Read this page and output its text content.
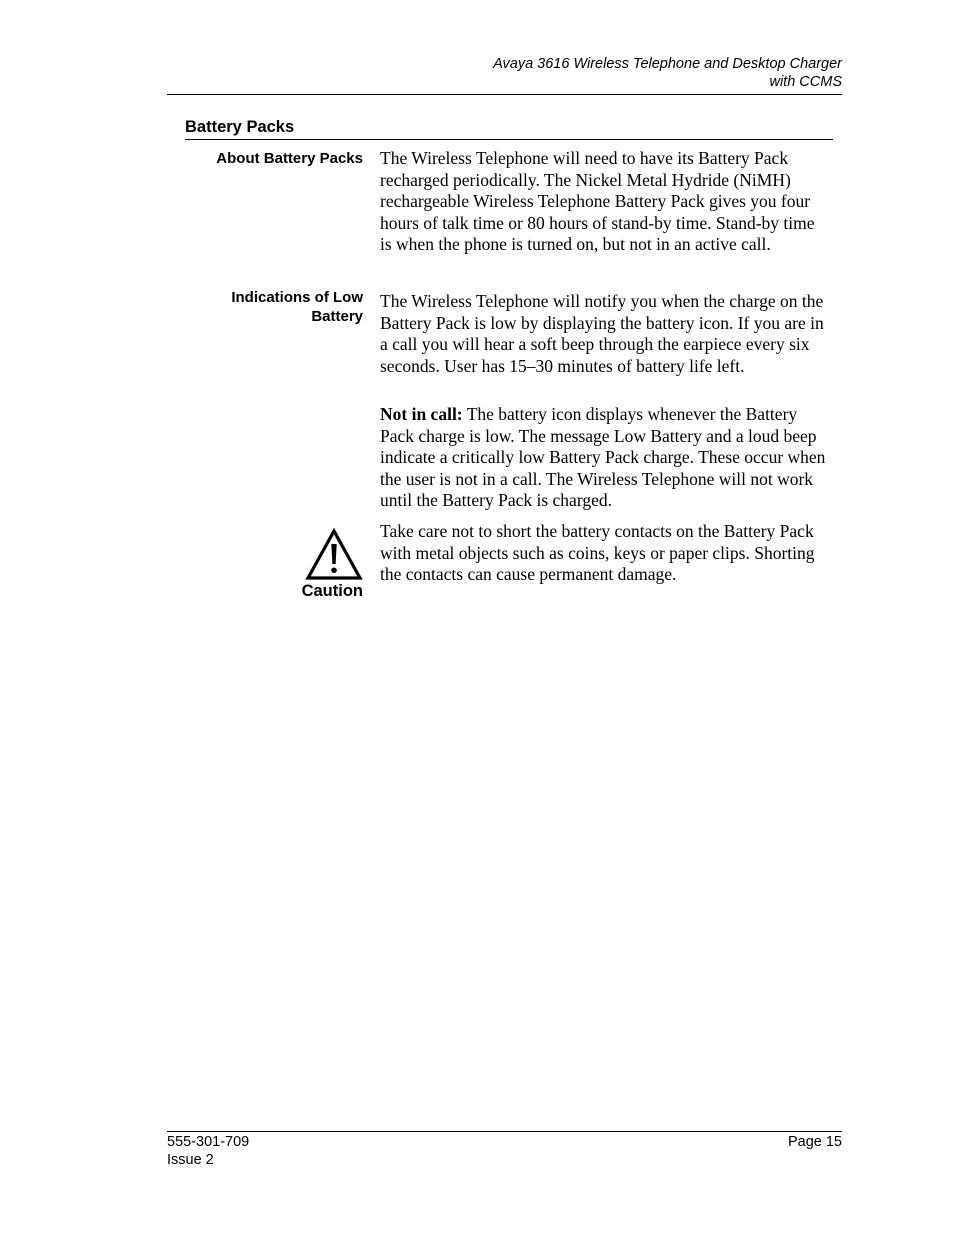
Avaya 3616 Wireless Telephone and Desktop Charger
with CCMS
Battery Packs
About Battery Packs The Wireless Telephone will need to have its Battery Pack recharged periodically. The Nickel Metal Hydride (NiMH) rechargeable Wireless Telephone Battery Pack gives you four hours of talk time or 80 hours of stand-by time. Stand-by time is when the phone is turned on, but not in an active call.

Indications of Low
Battery

The Wireless Telephone will notify you when the charge on the Battery Pack is low by displaying the battery icon. If you are in a call you will hear a soft beep through the earpiece every six seconds. User has 15–30 minutes of battery life left.

Not in call: The battery icon displays whenever the Battery Pack charge is low. The message Low Battery and a loud beep indicate a critically low Battery Pack charge. These occur when the user is not in a call. The Wireless Telephone will not work until the Battery Pack is charged.

Caution

Take care not to short the battery contacts on the Battery Pack with metal objects such as coins, keys or paper clips. Shorting the contacts can cause permanent damage.

555-301-709
Issue 2
Page 15
